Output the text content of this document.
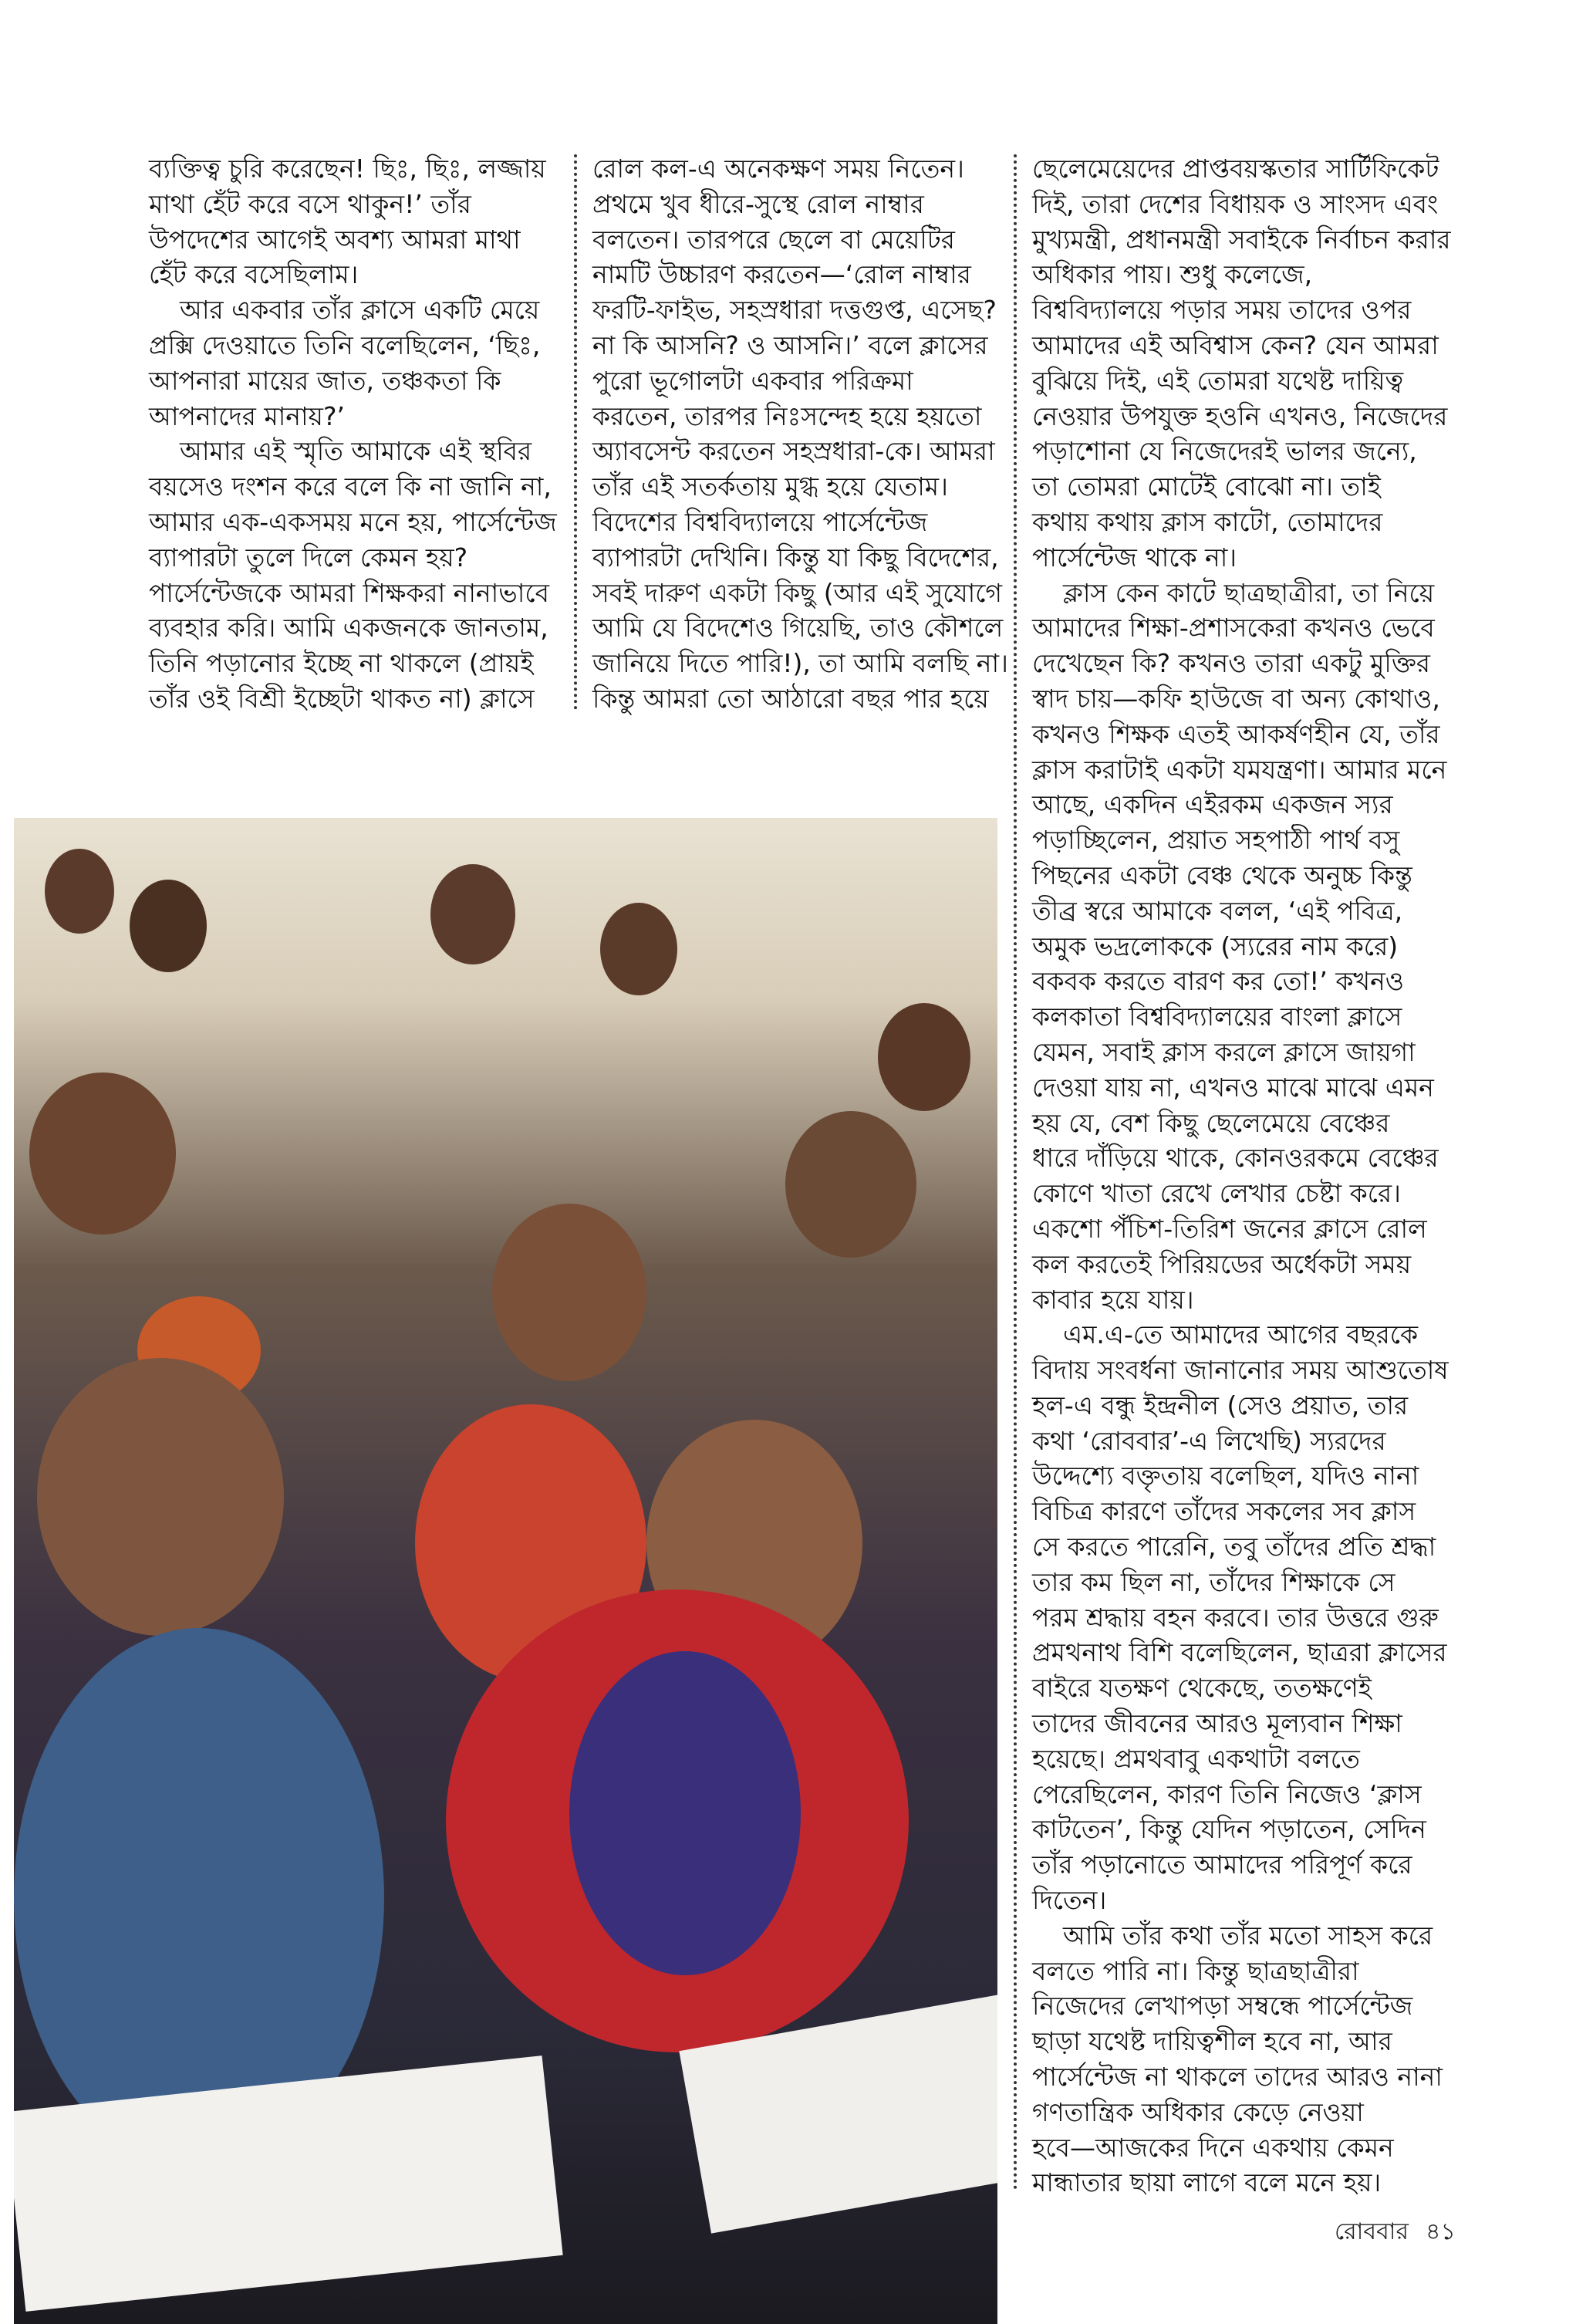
ব্যক্তিত্ব চুরি করেছেন! ছিঃ, ছিঃ, লজ্জায়
মাথা হেঁট করে বসে থাকুন!’ তাঁর
উপদেশের আগেই অবশ্য আমরা মাথা
হেঁট করে বসেছিলাম।
আর একবার তাঁর ক্লাসে একটি মেয়ে
প্রক্সি দেওয়াতে তিনি বলেছিলেন, ‘ছিঃ,
আপনারা মায়ের জাত, তঞ্চকতা কি
আপনাদের মানায়?’
আমার এই স্মৃতি আমাকে এই স্থবির
বয়সেও দংশন করে বলে কি না জানি না,
আমার এক-একসময় মনে হয়, পার্সেন্টেজ
ব্যাপারটা তুলে দিলে কেমন হয়?
পার্সেন্টেজকে আমরা শিক্ষকরা নানাভাবে
ব্যবহার করি। আমি একজনকে জানতাম,
তিনি পড়ানোর ইচ্ছে না থাকলে (প্রায়ই
তাঁর ওই বিশ্রী ইচ্ছেটা থাকত না) ক্লাসে
রোল কল-এ অনেকক্ষণ সময় নিতেন।
প্রথমে খুব ধীরে-সুস্থে রোল নাম্বার
বলতেন। তারপরে ছেলে বা মেয়েটির
নামটি উচ্চারণ করতেন—‘রোল নাম্বার
ফরটি-ফাইভ, সহস্রধারা দত্তগুপ্ত, এসেছ?
না কি আসনি? ও আসনি।’ বলে ক্লাসের
পুরো ভূগোলটা একবার পরিক্রমা
করতেন, তারপর নিঃসন্দেহ হয়ে হয়তো
অ্যাবসেন্ট করতেন সহস্রধারা-কে। আমরা
তাঁর এই সতর্কতায় মুগ্ধ হয়ে যেতাম।
বিদেশের বিশ্ববিদ্যালয়ে পার্সেন্টেজ
ব্যাপারটা দেখিনি। কিন্তু যা কিছু বিদেশের,
সবই দারুণ একটা কিছু (আর এই সুযোগে
আমি যে বিদেশেও গিয়েছি, তাও কৌশলে
জানিয়ে দিতে পারি!), তা আমি বলছি না।
কিন্তু আমরা তো আঠারো বছর পার হয়ে
ছেলেমেয়েদের প্রাপ্তবয়স্কতার সার্টিফিকেট
দিই, তারা দেশের বিধায়ক ও সাংসদ এবং
মুখ্যমন্ত্রী, প্রধানমন্ত্রী সবাইকে নির্বাচন করার
অধিকার পায়। শুধু কলেজে,
বিশ্ববিদ্যালয়ে পড়ার সময় তাদের ওপর
আমাদের এই অবিশ্বাস কেন? যেন আমরা
বুঝিয়ে দিই, এই তোমরা যথেষ্ট দায়িত্ব
নেওয়ার উপযুক্ত হওনি এখনও, নিজেদের
পড়াশোনা যে নিজেদেরই ভালর জন্যে,
তা তোমরা মোটেই বোঝো না। তাই
কথায় কথায় ক্লাস কাটো, তোমাদের
পার্সেন্টেজ থাকে না।
ক্লাস কেন কাটে ছাত্রছাত্রীরা, তা নিয়ে
আমাদের শিক্ষা-প্রশাসকেরা কখনও ভেবে
দেখেছেন কি? কখনও তারা একটু মুক্তির
স্বাদ চায়—কফি হাউজে বা অন্য কোথাও,
কখনও শিক্ষক এতই আকর্ষণহীন যে, তাঁর
ক্লাস করাটাই একটা যমযন্ত্রণা। আমার মনে
আছে, একদিন এইরকম একজন স্যর
পড়াচ্ছিলেন, প্রয়াত সহপাঠী পার্থ বসু
পিছনের একটা বেঞ্চ থেকে অনুচ্চ কিন্তু
তীব্র স্বরে আমাকে বলল, ‘এই পবিত্র,
অমুক ভদ্রলোককে (স্যরের নাম করে)
বকবক করতে বারণ কর তো!’ কখনও
কলকাতা বিশ্ববিদ্যালয়ের বাংলা ক্লাসে
যেমন, সবাই ক্লাস করলে ক্লাসে জায়গা
দেওয়া যায় না, এখনও মাঝে মাঝে এমন
হয় যে, বেশ কিছু ছেলেমেয়ে বেঞ্চের
ধারে দাঁড়িয়ে থাকে, কোনওরকমে বেঞ্চের
কোণে খাতা রেখে লেখার চেষ্টা করে।
একশো পঁচিশ-তিরিশ জনের ক্লাসে রোল
কল করতেই পিরিয়ডের অর্ধেকটা সময়
কাবার হয়ে যায়।
এম.এ-তে আমাদের আগের বছরকে
বিদায় সংবর্ধনা জানানোর সময় আশুতোষ
হল-এ বন্ধু ইন্দ্রনীল (সেও প্রয়াত, তার
কথা ‘রোববার’-এ লিখেছি) স্যরদের
উদ্দেশ্যে বক্তৃতায় বলেছিল, যদিও নানা
বিচিত্র কারণে তাঁদের সকলের সব ক্লাস
সে করতে পারেনি, তবু তাঁদের প্রতি শ্রদ্ধা
তার কম ছিল না, তাঁদের শিক্ষাকে সে
পরম শ্রদ্ধায় বহন করবে। তার উত্তরে গুরু
প্রমথনাথ বিশি বলেছিলেন, ছাত্ররা ক্লাসের
বাইরে যতক্ষণ থেকেছে, ততক্ষণেই
তাদের জীবনের আরও মূল্যবান শিক্ষা
হয়েছে। প্রমথবাবু একথাটা বলতে
পেরেছিলেন, কারণ তিনি নিজেও ‘ক্লাস
কাটতেন’, কিন্তু যেদিন পড়াতেন, সেদিন
তাঁর পড়ানোতে আমাদের পরিপূর্ণ করে
দিতেন।
আমি তাঁর কথা তাঁর মতো সাহস করে
বলতে পারি না। কিন্তু ছাত্রছাত্রীরা
নিজেদের লেখাপড়া সম্বন্ধে পার্সেন্টেজ
ছাড়া যথেষ্ট দায়িত্বশীল হবে না, আর
পার্সেন্টেজ না থাকলে তাদের আরও নানা
গণতান্ত্রিক অধিকার কেড়ে নেওয়া
হবে—আজকের দিনে একথায় কেমন
মান্ধাতার ছায়া লাগে বলে মনে হয়।
রোববার ৪১
